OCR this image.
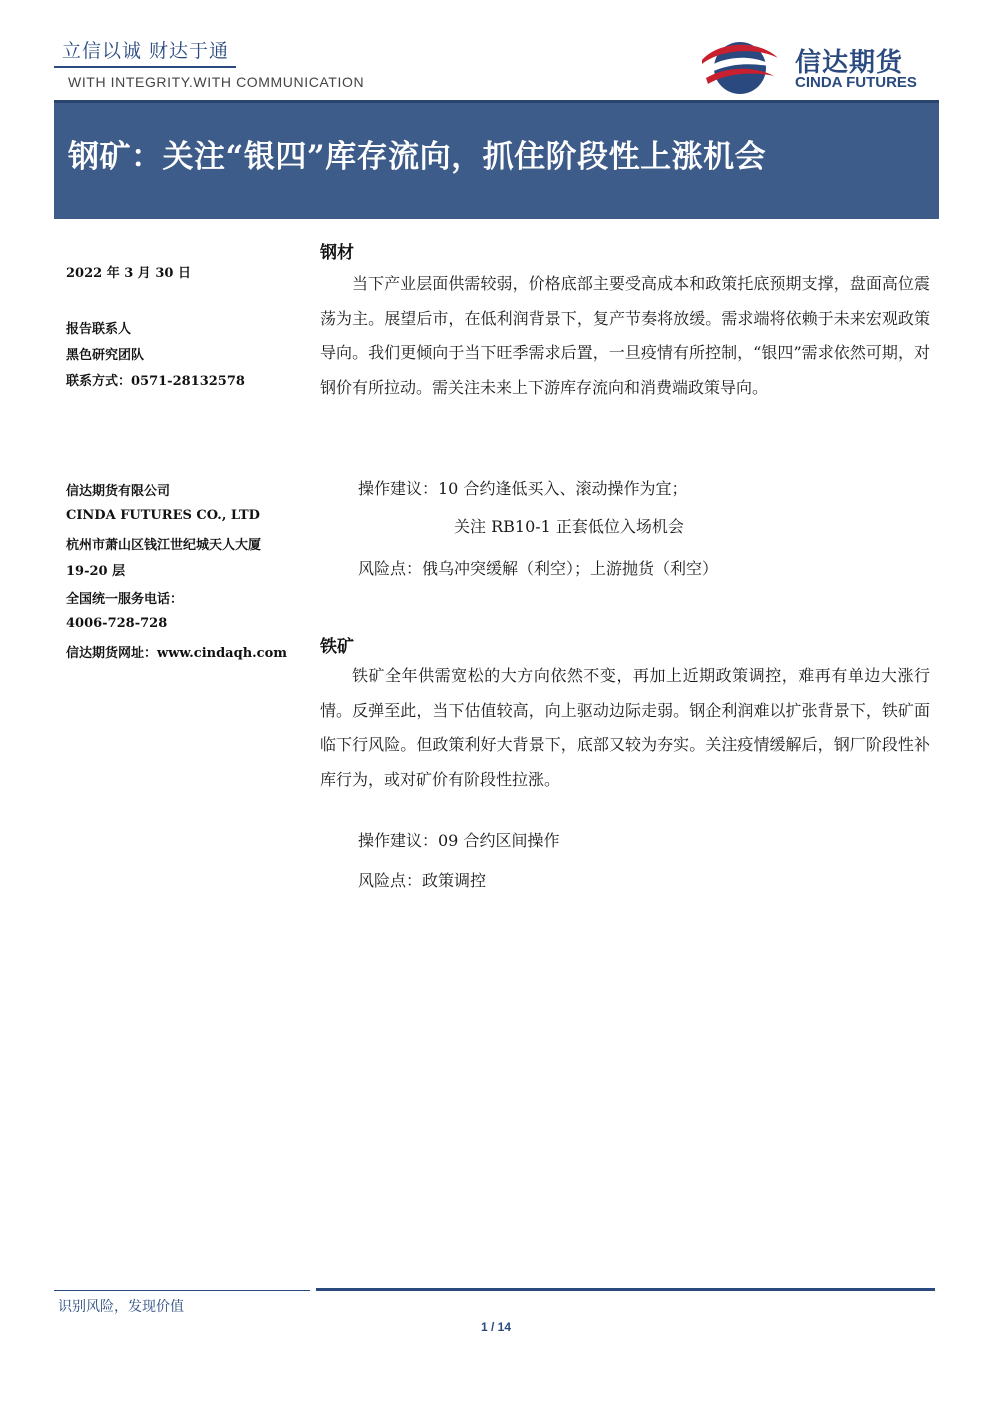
立信以诚 财达于通
WITH INTEGRITY.WITH COMMUNICATION
信达期货
CINDA FUTURES
钢矿：关注“银四”库存流向，抓住阶段性上涨机会
2022 年 3 月 30 日
报告联系人
黑色研究团队
联系方式：0571-28132578
信达期货有限公司
CINDA FUTURES CO., LTD
杭州市萧山区钱江世纪城天人大厦
19-20 层
全国统一服务电话：
4006-728-728
信达期货网址：www.cindaqh.com
钢材
当下产业层面供需较弱，价格底部主要受高成本和政策托底预期支撑，盘面高位震荡为主。展望后市，在低利润背景下，复产节奏将放缓。需求端将依赖于未来宏观政策导向。我们更倾向于当下旺季需求后置，一旦疫情有所控制，“银四”需求依然可期，对钢价有所拉动。需关注未来上下游库存流向和消费端政策导向。
操作建议：10 合约逢低买入、滚动操作为宜；
关注 RB10-1 正套低位入场机会
风险点：俄乌冲突缓解（利空）；上游抛货（利空）
铁矿
铁矿全年供需宽松的大方向依然不变，再加上近期政策调控，难再有单边大涨行情。反弹至此，当下估值较高，向上驱动边际走弱。钢企利润难以扩张背景下，铁矿面临下行风险。但政策利好大背景下，底部又较为夯实。关注疫情缓解后，钢厂阶段性补库行为，或对矿价有阶段性拉涨。
操作建议：09 合约区间操作
风险点：政策调控
识别风险，发现价值
1 / 14
